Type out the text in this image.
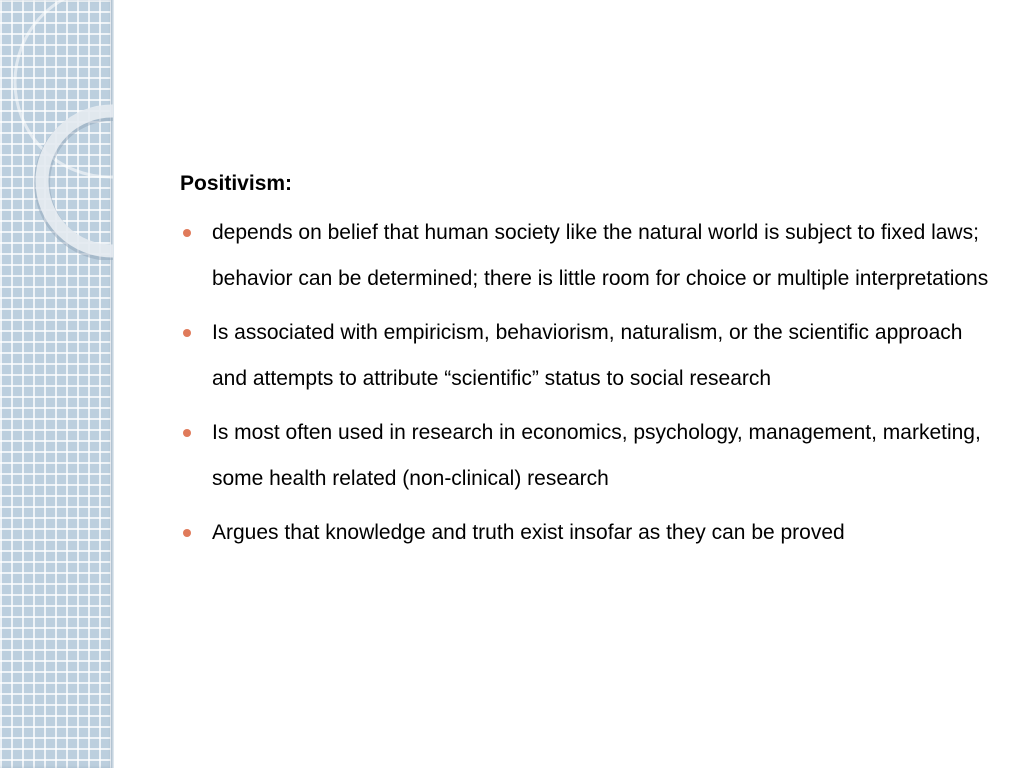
Positivism:
depends on belief that human society like the natural world is subject to fixed laws; behavior can be determined; there is little room for choice or multiple interpretations
Is associated with empiricism, behaviorism, naturalism, or the scientific approach and attempts to attribute “scientific” status to social research
Is most often used in research in economics, psychology, management, marketing, some health related (non-clinical) research
Argues that knowledge and truth exist insofar as they can be proved
